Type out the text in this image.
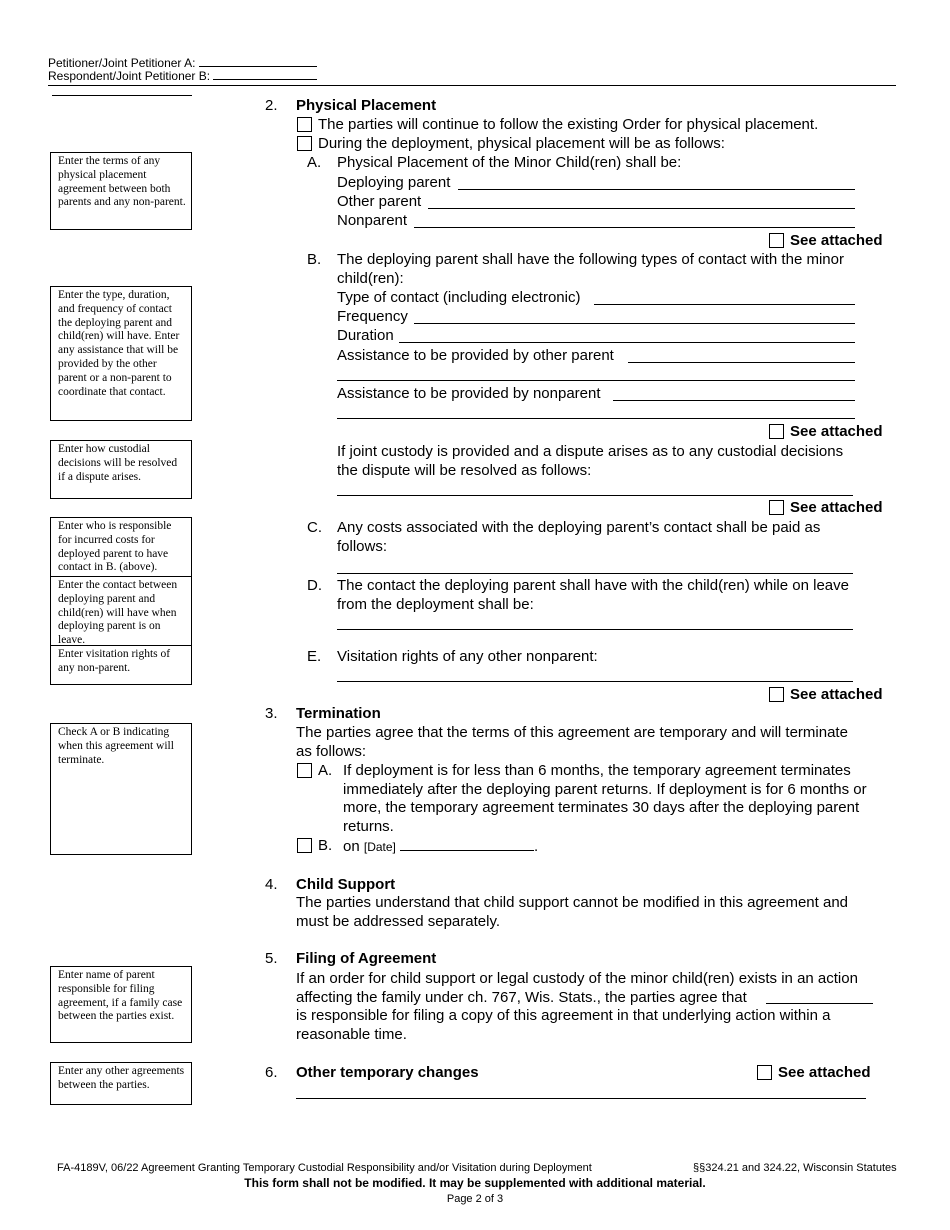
Petitioner/Joint Petitioner A:
Respondent/Joint Petitioner B:
Enter the terms of any physical placement agreement between both parents and any non-parent.
Enter the type, duration, and frequency of contact the deploying parent and child(ren) will have. Enter any assistance that will be provided by the other parent or a non-parent to coordinate that contact.
Enter how custodial decisions will be resolved if a dispute arises.
Enter who is responsible for incurred costs for deployed parent to have contact in B. (above).
Enter the contact between deploying parent and child(ren) will have when deploying parent is on leave.
Enter visitation rights of any non-parent.
Check A or B indicating when this agreement will terminate.
Enter name of parent responsible for filing agreement, if a family case between the parties exist.
Enter any other agreements between the parties.
2. Physical Placement
The parties will continue to follow the existing Order for physical placement.
During the deployment, physical placement will be as follows:
A. Physical Placement of the Minor Child(ren) shall be:
Deploying parent
Other parent
Nonparent
See attached
B. The deploying parent shall have the following types of contact with the minor
child(ren):
Type of contact (including electronic)
Frequency
Duration
Assistance to be provided by other parent
Assistance to be provided by nonparent
See attached
If joint custody is provided and a dispute arises as to any custodial decisions
the dispute will be resolved as follows:
See attached
C. Any costs associated with the deploying parent’s contact shall be paid as
follows:
D. The contact the deploying parent shall have with the child(ren) while on leave
from the deployment shall be:
E. Visitation rights of any other nonparent:
See attached
3. Termination
The parties agree that the terms of this agreement are temporary and will terminate
as follows:
A. If deployment is for less than 6 months, the temporary agreement terminates
immediately after the deploying parent returns. If deployment is for 6 months or
more, the temporary agreement terminates 30 days after the deploying parent
returns.
B. on [Date]	.
4. Child Support
The parties understand that child support cannot be modified in this agreement and
must be addressed separately.
5. Filing of Agreement
If an order for child support or legal custody of the minor child(ren) exists in an action
affecting the family under ch. 767, Wis. Stats., the parties agree that
is responsible for filing a copy of this agreement in that underlying action within a
reasonable time.
6. Other temporary changes	See attached
FA-4189V, 06/22 Agreement Granting Temporary Custodial Responsibility and/or Visitation during Deployment	§§324.21 and 324.22, Wisconsin Statutes
This form shall not be modified. It may be supplemented with additional material.
Page 2 of 3
